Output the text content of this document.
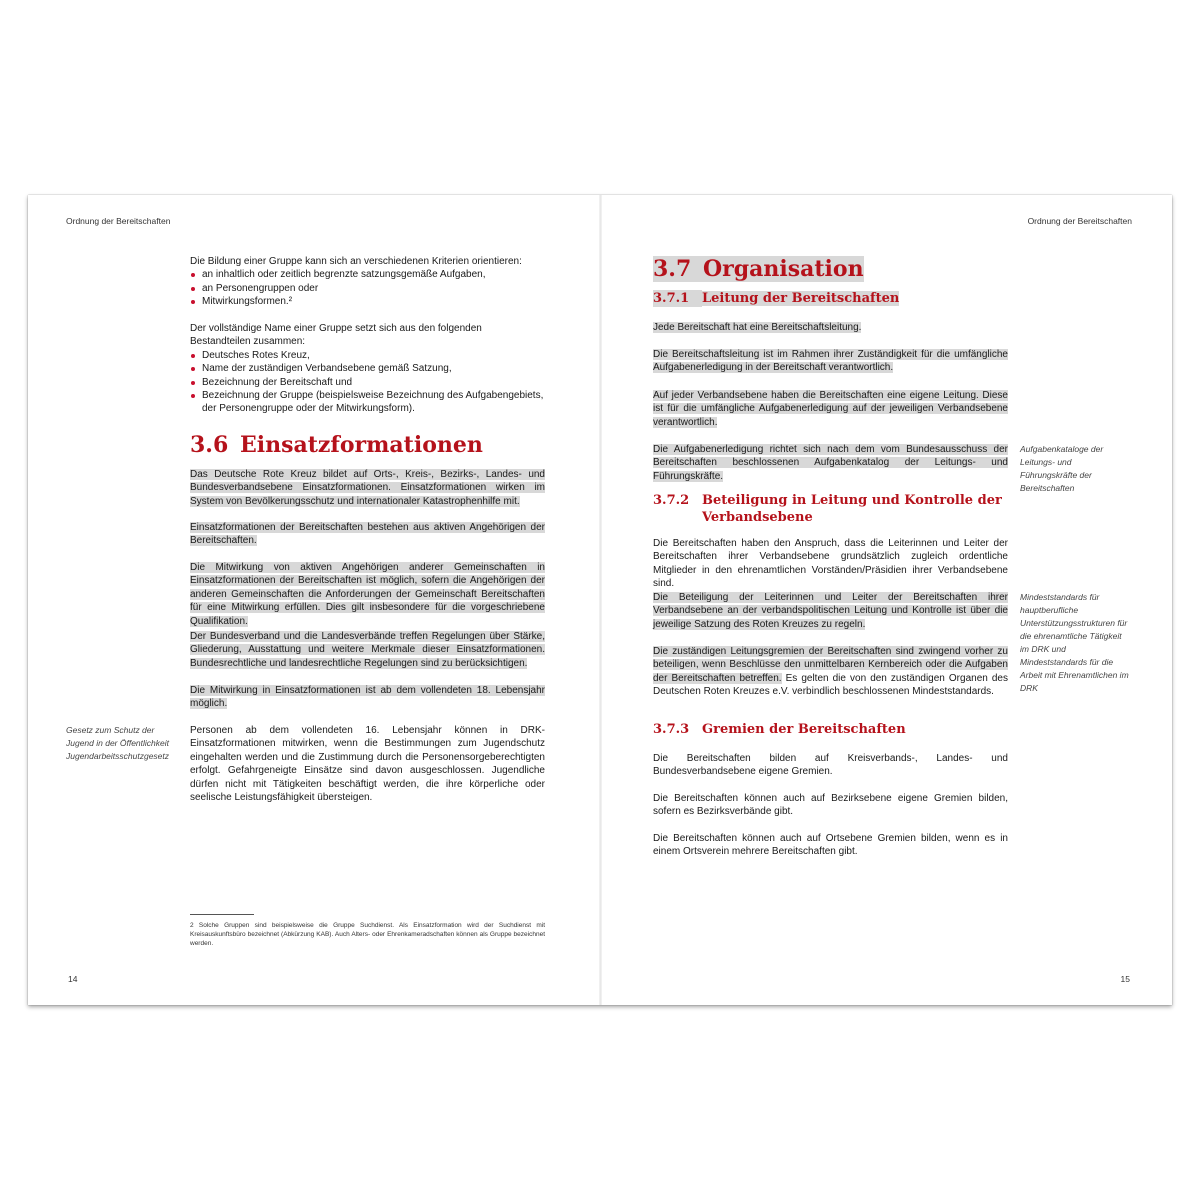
Ordnung der Bereitschaften

Die Bildung einer Gruppe kann sich an verschiedenen Kriterien orientieren:

an inhaltlich oder zeitlich begrenzte satzungsgemäße Aufgaben,
an Personengruppen oder
Mitwirkungsformen.²

Der vollständige Name einer Gruppe setzt sich aus den folgenden Bestandteilen zusammen:

Deutsches Rotes Kreuz,
Name der zuständigen Verbandsebene gemäß Satzung,
Bezeichnung der Bereitschaft und
Bezeichnung der Gruppe (beispielsweise Bezeichnung des Aufgabengebiets, der Personengruppe oder der Mitwirkungsform).
3.6 Einsatzformationen

Das Deutsche Rote Kreuz bildet auf Orts-, Kreis-, Bezirks-, Landes- und Bundesverbandsebene Einsatzformationen. Einsatzformationen wirken im System von Bevölkerungsschutz und internationaler Katastrophenhilfe mit.

Einsatzformationen der Bereitschaften bestehen aus aktiven Angehörigen der Bereitschaften.

Die Mitwirkung von aktiven Angehörigen anderer Gemeinschaften in Einsatzformationen der Bereitschaften ist möglich, sofern die Angehörigen der anderen Gemeinschaften die Anforderungen der Gemeinschaft Bereitschaften für eine Mitwirkung erfüllen. Dies gilt insbesondere für die vorgeschriebene Qualifikation.

Der Bundesverband und die Landesverbände treffen Regelungen über Stärke, Gliederung, Ausstattung und weitere Merkmale dieser Einsatzformationen. Bundesrechtliche und landesrechtliche Regelungen sind zu berücksichtigen.

Die Mitwirkung in Einsatzformationen ist ab dem vollendeten 18. Lebensjahr möglich.

Personen ab dem vollendeten 16. Lebensjahr können in DRK-Einsatzformationen mitwirken, wenn die Bestimmungen zum Jugendschutz eingehalten werden und die Zustimmung durch die Personensorgeberechtigten erfolgt. Gefahrgeneigte Einsätze sind davon ausgeschlossen. Jugendliche dürfen nicht mit Tätigkeiten beschäftigt werden, die ihre körperliche oder seelische Leistungsfähigkeit übersteigen.

Gesetz zum Schutz der Jugend in der Öffentlichkeit Jugendarbeitsschutzgesetz
2 Solche Gruppen sind beispielsweise die Gruppe Suchdienst. Als Einsatzformation wird der Suchdienst mit Kreisauskunftsbüro bezeichnet (Abkürzung KAB). Auch Alters- oder Ehrenkameradschaften können als Gruppe bezeichnet werden.
14
Ordnung der Bereitschaften
3.7 Organisation
3.7.1 Leitung der Bereitschaften

Jede Bereitschaft hat eine Bereitschaftsleitung.

Die Bereitschaftsleitung ist im Rahmen ihrer Zuständigkeit für die umfängliche Aufgabenerledigung in der Bereitschaft verantwortlich.

Auf jeder Verbandsebene haben die Bereitschaften eine eigene Leitung. Diese ist für die umfängliche Aufgabenerledigung auf der jeweiligen Verbandsebene verantwortlich.

Die Aufgabenerledigung richtet sich nach dem vom Bundesausschuss der Bereitschaften beschlossenen Aufgabenkatalog der Leitungs- und Führungskräfte.

3.7.2 Beteiligung in Leitung und Kontrolle der
Verbandsebene

Die Bereitschaften haben den Anspruch, dass die Leiterinnen und Leiter der Bereitschaften ihrer Verbandsebene grundsätzlich zugleich ordentliche Mitglieder in den ehrenamtlichen Vorständen/Präsidien ihrer Verbandsebene sind.

Die Beteiligung der Leiterinnen und Leiter der Bereitschaften ihrer Verbandsebene an der verbandspolitischen Leitung und Kontrolle ist über die jeweilige Satzung des Roten Kreuzes zu regeln.

Die zuständigen Leitungsgremien der Bereitschaften sind zwingend vorher zu beteiligen, wenn Beschlüsse den unmittelbaren Kernbereich oder die Aufgaben der Bereitschaften betreffen. Es gelten die von den zuständigen Organen des Deutschen Roten Kreuzes e.V. verbindlich beschlossenen Mindeststandards.

3.7.3 Gremien der Bereitschaften

Die Bereitschaften bilden auf Kreisverbands-, Landes- und Bundesverbandsebene eigene Gremien.

Die Bereitschaften können auch auf Bezirksebene eigene Gremien bilden, sofern es Bezirksverbände gibt.

Die Bereitschaften können auch auf Ortsebene Gremien bilden, wenn es in einem Ortsverein mehrere Bereitschaften gibt.

Aufgabenkataloge der Leitungs- und Führungskräfte der Bereitschaften
Mindeststandards für hauptberufliche Unterstützungsstrukturen für die ehrenamtliche Tätigkeit im DRK und Mindeststandards für die Arbeit mit Ehrenamtlichen im DRK
15
